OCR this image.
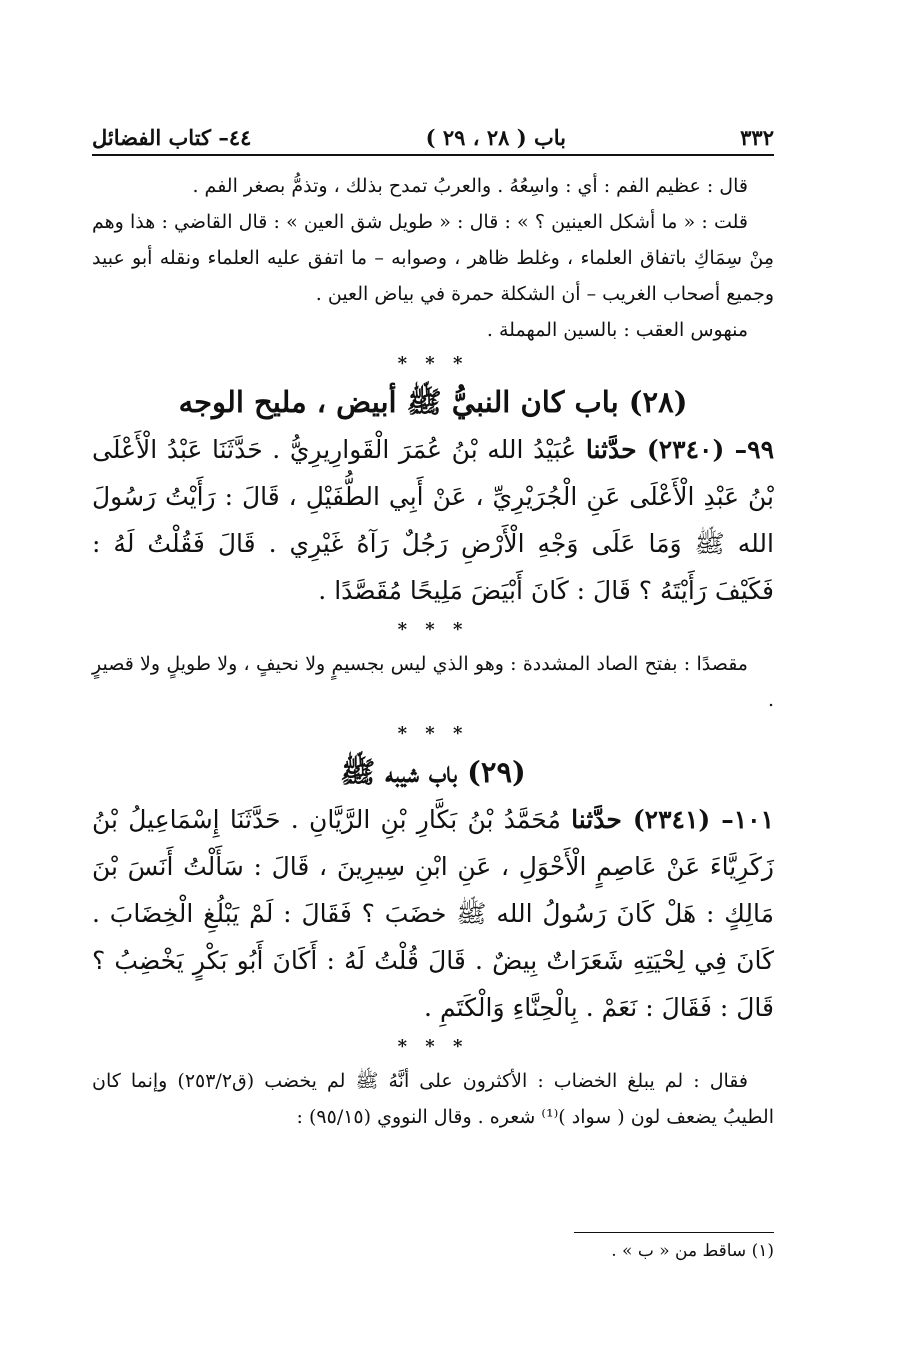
٣٣٢
باب ( ٢٨ ، ٢٩ )
٤٤– كتاب الفضائل

قال : عظيم الفم : أي : واسِعُهُ . والعربُ تمدح بذلك ، وتذمُّ بصغر الفم .

قلت : « ما أشكل العينين ؟ » : قال : « طويل شق العين » : قال القاضي : هذا وهم مِنْ سِمَاكِ باتفاق العلماء ، وغلط ظاهر ، وصوابه – ما اتفق عليه العلماء ونقله أبو عبيد وجميع أصحاب الغريب – أن الشكلة حمرة في بياض العين .

منهوس العقب : بالسين المهملة .

* * *
(٢٨) باب كان النبيُّ ﷺ أبيض ، مليح الوجه

٩٩– (٢٣٤٠) حدَّثنا عُبَيْدُ الله بْنُ عُمَرَ الْقَوارِيرِيُّ . حَدَّثَنَا عَبْدُ الْأَعْلَى بْنُ عَبْدِ الْأَعْلَى عَنِ الْجُرَيْرِيِّ ، عَنْ أَبِي الطُّفَيْلِ ، قَالَ : رَأَيْتُ رَسُولَ الله ﷺ وَمَا عَلَى وَجْهِ الْأَرْضِ رَجُلٌ رَآهُ غَيْرِي . قَالَ فَقُلْتُ لَهُ : فَكَيْفَ رَأَيْتَهُ ؟ قَالَ : كَانَ أَبْيَضَ مَلِيحًا مُقَصَّدًا .

* * *

مقصدًا : بفتح الصاد المشددة : وهو الذي ليس بجسيمٍ ولا نحيفٍ ، ولا طويلٍ ولا قصيرٍ .

* * *
(٢٩) باب شيبه ﷺ

١٠١– (٢٣٤١) حدَّثنا مُحَمَّدُ بْنُ بَكَّارِ بْنِ الرَّيَّانِ . حَدَّثَنَا إِسْمَاعِيلُ بْنُ زَكَرِيَّاءَ عَنْ عَاصِمٍ الْأَحْوَلِ ، عَنِ ابْنِ سِيرِينَ ، قَالَ : سَأَلْتُ أَنَسَ بْنَ مَالِكٍ : هَلْ كَانَ رَسُولُ الله ﷺ خضَبَ ؟ فَقَالَ : لَمْ يَبْلُغِ الْخِضَابَ . كَانَ فِي لِحْيَتِهِ شَعَرَاتٌ بِيضٌ . قَالَ قُلْتُ لَهُ : أَكَانَ أَبُو بَكْرٍ يَخْضِبُ ؟ قَالَ : فَقَالَ : نَعَمْ . بِالْحِنَّاءِ وَالْكَتَمِ .

* * *

فقال : لم يبلغ الخضاب : الأكثرون على أنَّهُ ﷺ لم يخضب (ق٢٥٣/٢) وإنما كان الطيبُ يضعف لون ( سواد )⁽¹⁾ شعره . وقال النووي (٩٥/١٥) :

(١) ساقط من « ب » .
